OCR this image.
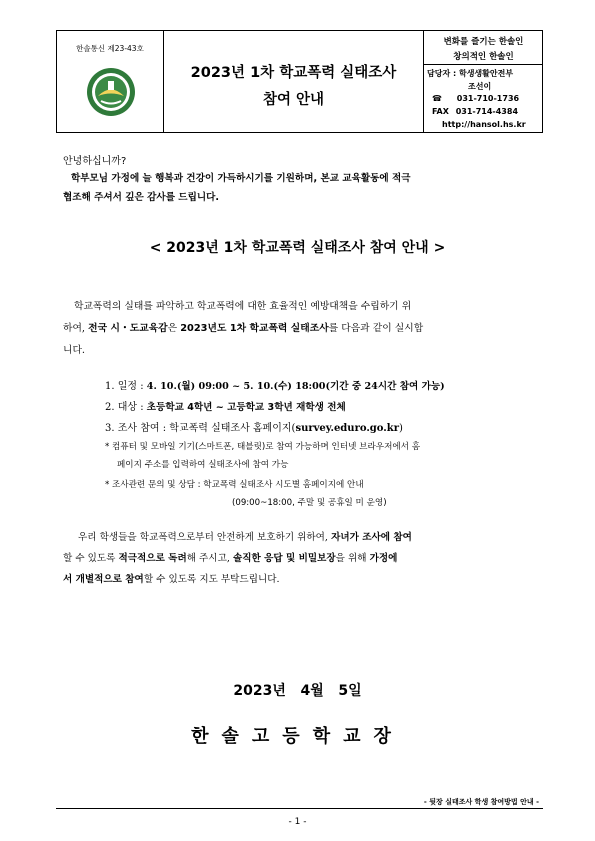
한솔통신 제23-43호
2023년 1차 학교폭력 실태조사
참여 안내
변화를 즐기는 한솔인
창의적인 한솔인
담당자 : 학생생활안전부
조선이
☎ 031-710-1736
FAX 031-714-4384
http://hansol.hs.kr
안녕하십니까?
학부모님 가정에 늘 행복과 건강이 가득하시기를 기원하며, 본교 교육활동에 적극
협조해 주셔서 깊은 감사를 드립니다.
< 2023년 1차 학교폭력 실태조사 참여 안내 >
학교폭력의 실태를 파악하고 학교폭력에 대한 효율적인 예방대책을 수립하기 위
하여, 전국 시・도교육감은 2023년도 1차 학교폭력 실태조사를 다음과 같이 실시합
니다.
1. 일정 : 4. 10.(월) 09:00 ~ 5. 10.(수) 18:00(기간 중 24시간 참여 가능)
2. 대상 : 초등학교 4학년 ~ 고등학교 3학년 재학생 전체
3. 조사 참여 : 학교폭력 실태조사 홈페이지(survey.eduro.go.kr)
* 컴퓨터 및 모바일 기기(스마트폰, 태블릿)로 참여 가능하며 인터넷 브라우저에서 홈
페이지 주소를 입력하여 실태조사에 참여 가능
* 조사관련 문의 및 상담 : 학교폭력 실태조사 시도별 홈페이지에 안내
(09:00~18:00, 주말 및 공휴일 미 운영)
우리 학생들을 학교폭력으로부터 안전하게 보호하기 위하여, 자녀가 조사에 참여
할 수 있도록 적극적으로 독려해 주시고, 솔직한 응답 및 비밀보장을 위해 가정에
서 개별적으로 참여할 수 있도록 지도 부탁드립니다.
2023년   4월   5일
한솔고등학교장
- 뒷장 실태조사 학생 참여방법 안내 -
- 1 -
